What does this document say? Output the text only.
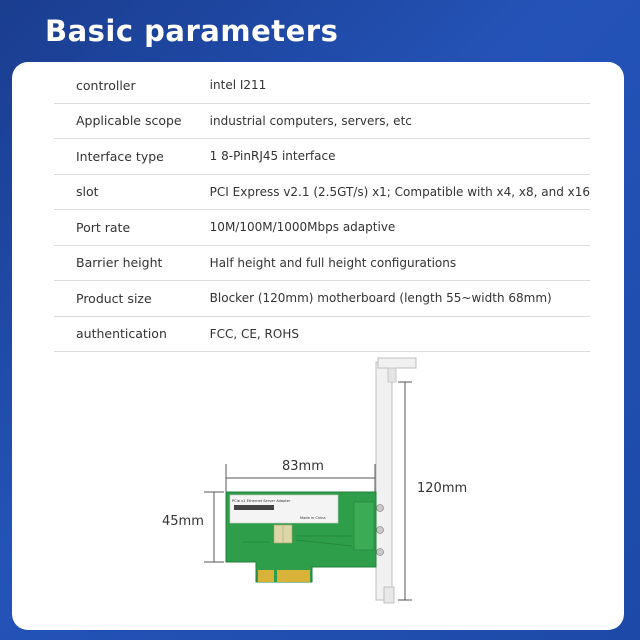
Basic parameters
controller	intel I211
Applicable scope	industrial computers, servers, etc
Interface type	1 8-PinRJ45 interface
slot	PCI Express v2.1 (2.5GT/s) x1; Compatible with x4, x8, and x16
Port rate	10M/100M/1000Mbps adaptive
Barrier height	Half height and full height configurations
Product size	Blocker (120mm) motherboard (length 55~width 68mm)
authentication	FCC, CE, ROHS
PCIe x1 Ethernet Server Adapter
Made in China
83mm
45mm
120mm
